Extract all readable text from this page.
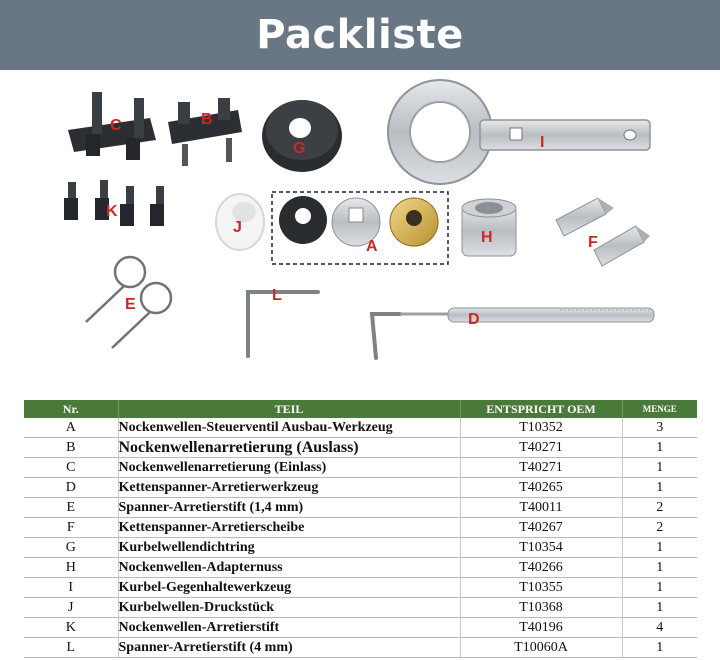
Packliste
C	B
G	I
K
J
A
H	F
E
L
D
Nr.	TEIL	ENTSPRICHT OEM	MENGE
A	Nockenwellen-Steuerventil Ausbau-Werkzeug	T10352	3
B	Nockenwellenarretierung (Auslass)	T40271	1
C	Nockenwellenarretierung (Einlass)	T40271	1
D	Kettenspanner-Arretierwerkzeug	T40265	1
E	Spanner-Arretierstift (1,4 mm)	T40011	2
F	Kettenspanner-Arretierscheibe	T40267	2
G	Kurbelwellendichtring	T10354	1
H	Nockenwellen-Adapternuss	T40266	1
I	Kurbel-Gegenhaltewerkzeug	T10355	1
J	Kurbelwellen-Druckstück	T10368	1
K	Nockenwellen-Arretierstift	T40196	4
L	Spanner-Arretierstift (4 mm)	T10060A	1
